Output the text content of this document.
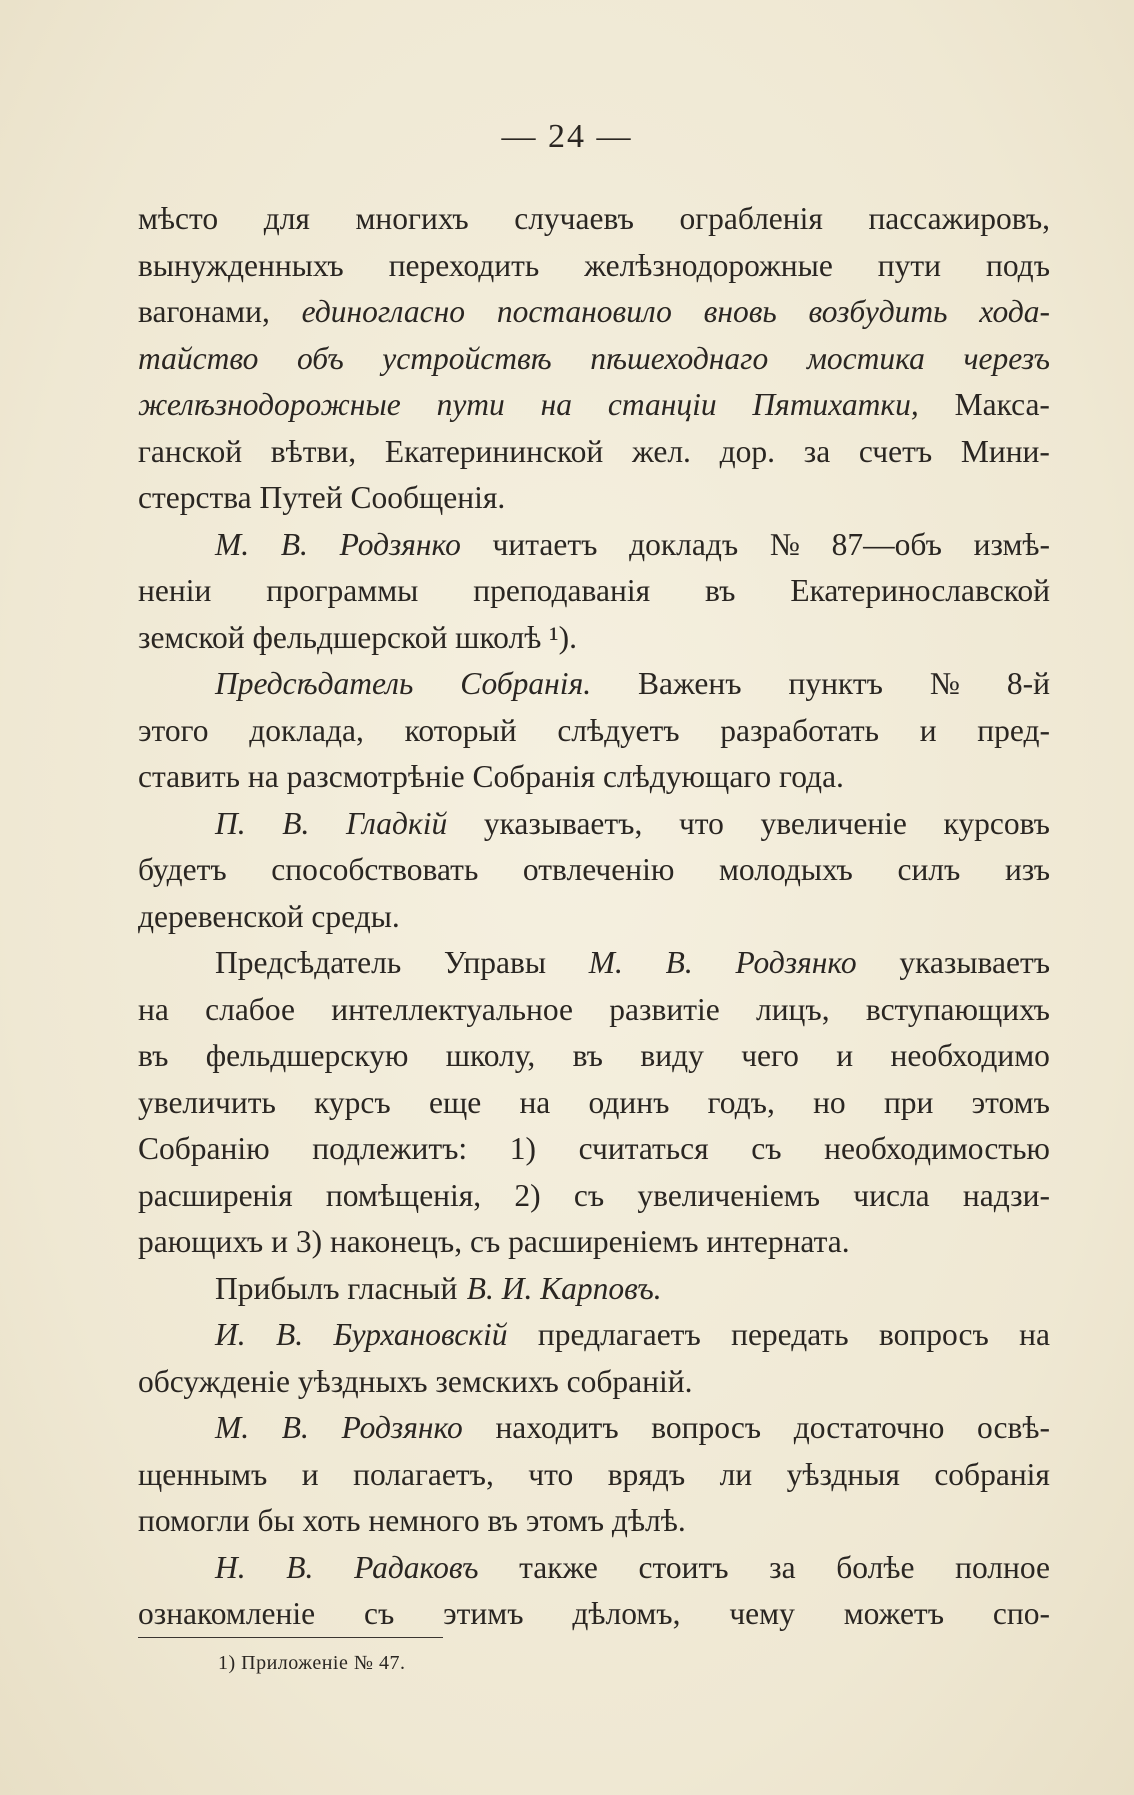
— 24 —
мѣсто для многихъ случаевъ ограбленія пассажировъ,
вынужденныхъ переходить желѣзнодорожные пути подъ
вагонами, единогласно постановило вновь возбудить хода-
тайство объ устройствѣ пѣшеходнаго мостика черезъ
желѣзнодорожные пути на станціи Пятихатки, Макса-
ганской вѣтви, Екатерининской жел. дор. за счетъ Мини-
стерства Путей Сообщенія.
М. В. Родзянко читаетъ докладъ № 87—объ измѣ-
неніи программы преподаванія въ Екатеринославской
земской фельдшерской школѣ ¹).
Предсѣдатель Собранія. Важенъ пунктъ № 8-й
этого доклада, который слѣдуетъ разработать и пред-
ставить на разсмотрѣніе Собранія слѣдующаго года.
П. В. Гладкій указываетъ, что увеличеніе курсовъ
будетъ способствовать отвлеченію молодыхъ силъ изъ
деревенской среды.
Предсѣдатель Управы М. В. Родзянко указываетъ
на слабое интеллектуальное развитіе лицъ, вступающихъ
въ фельдшерскую школу, въ виду чего и необходимо
увеличить курсъ еще на одинъ годъ, но при этомъ
Собранію подлежитъ: 1) считаться съ необходимостью
расширенія помѣщенія, 2) съ увеличеніемъ числа надзи-
рающихъ и 3) наконецъ, съ расширеніемъ интерната.
Прибылъ гласный В. И. Карповъ.
И. В. Бурхановскій предлагаетъ передать вопросъ на
обсужденіе уѣздныхъ земскихъ собраній.
М. В. Родзянко находитъ вопросъ достаточно освѣ-
щеннымъ и полагаетъ, что врядъ ли уѣздныя собранія
помогли бы хоть немного въ этомъ дѣлѣ.
Н. В. Радаковъ также стоитъ за болѣе полное
ознакомленіе съ этимъ дѣломъ, чему можетъ спо-
1) Приложеніе № 47.
